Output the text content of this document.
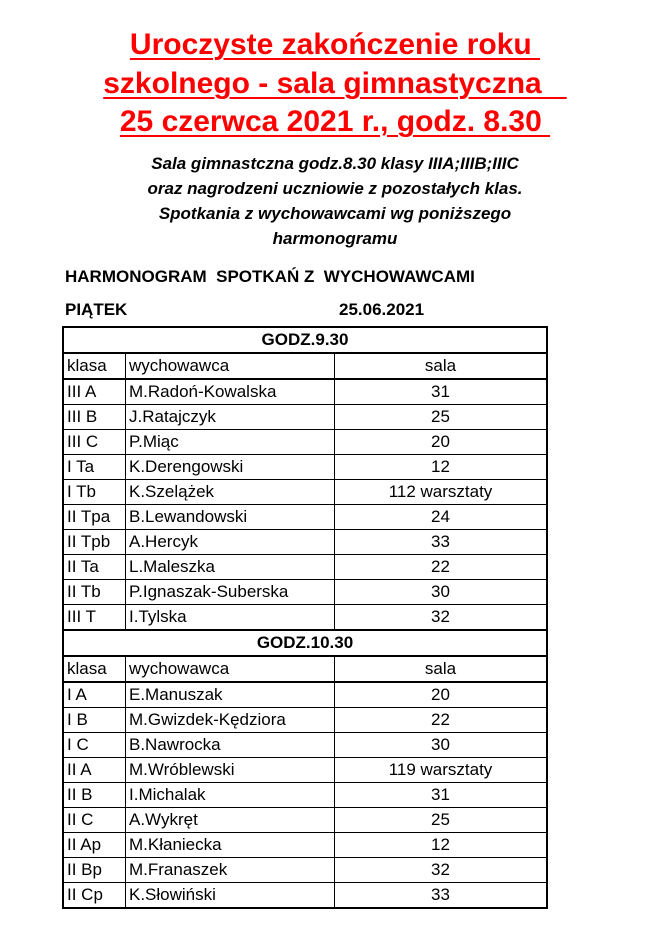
Uroczyste zakończenie roku
szkolnego - sala gimnastyczna
25 czerwca 2021 r., godz. 8.30
Sala gimnastczna godz.8.30 klasy IIIA;IIIB;IIIC
oraz nagrodzeni uczniowie z pozostałych klas.
Spotkania z wychowawcami wg poniższego
harmonogramu
HARMONOGRAM  SPOTKAŃ Z  WYCHOWAWCAMI
PIĄTEK	25.06.2021
GODZ.9.30		
klasa	wychowawca	sala
III A	M.Radoń-Kowalska	31
III B	J.Ratajczyk	25
III C	P.Miąc	20
I Ta	K.Derengowski	12
I Tb	K.Szelążek	112 warsztaty
II Tpa	B.Lewandowski	24
II Tpb	A.Hercyk	33
II Ta	L.Maleszka	22
II Tb	P.Ignaszak-Suberska	30
III T	I.Tylska	32
GODZ.10.30		
klasa	wychowawca	sala
I A	E.Manuszak	20
I B	M.Gwizdek-Kędziora	22
I C	B.Nawrocka	30
II A	M.Wróblewski	119 warsztaty
II B	I.Michalak	31
II C	A.Wykręt	25
II Ap	M.Kłaniecka	12
II Bp	M.Franaszek	32
II Cp	K.Słowiński	33
